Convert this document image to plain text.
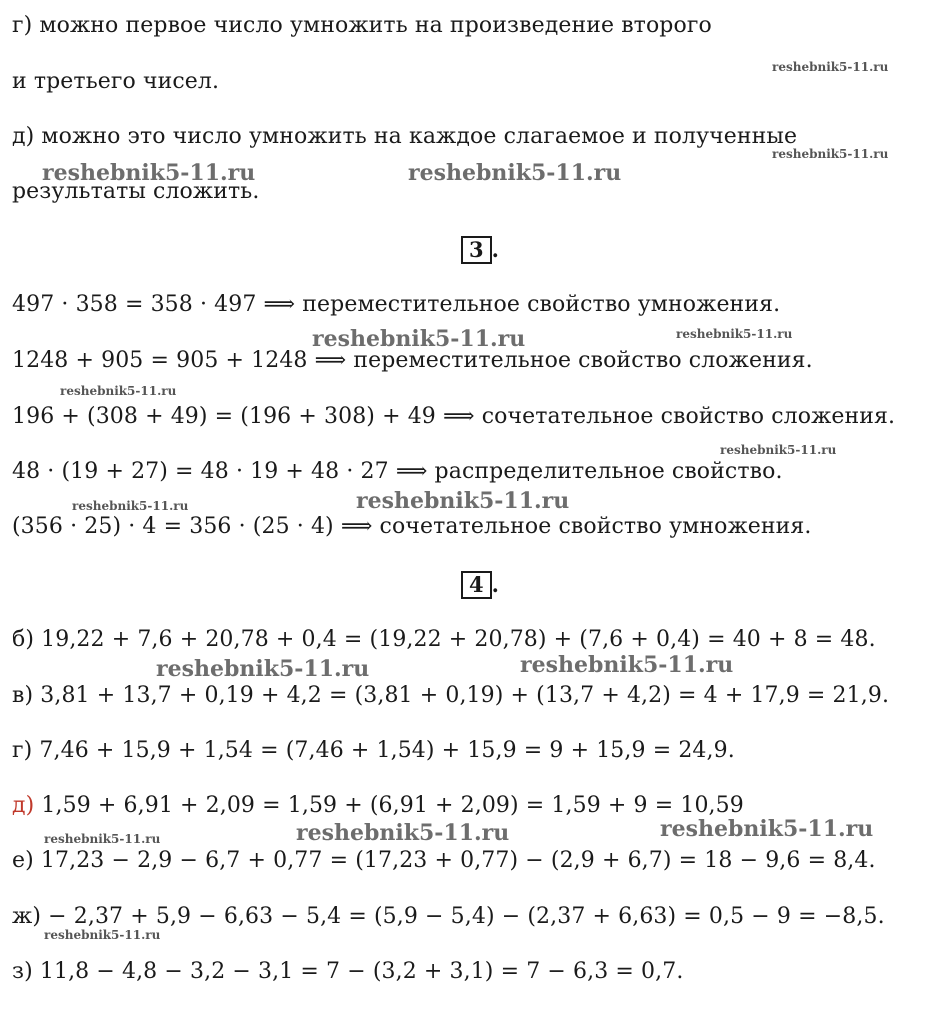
г) можно первое число умножить на произведение второго
и третьего чисел.
д) можно это число умножить на каждое слагаемое и полученные
результаты сложить.
3 .
497 · 358 = 358 · 497 ⟹ переместительное свойство умножения.
1248 + 905 = 905 + 1248 ⟹ переместительное свойство сложения.
196 + (308 + 49) = (196 + 308) + 49 ⟹ сочетательное свойство сложения.
48 · (19 + 27) = 48 · 19 + 48 · 27 ⟹ распределительное свойство.
(356 · 25) · 4 = 356 · (25 · 4) ⟹ сочетательное свойство умножения.
4 .
б) 19,22 + 7,6 + 20,78 + 0,4 = (19,22 + 20,78) + (7,6 + 0,4) = 40 + 8 = 48.
в) 3,81 + 13,7 + 0,19 + 4,2 = (3,81 + 0,19) + (13,7 + 4,2) = 4 + 17,9 = 21,9.
г) 7,46 + 15,9 + 1,54 = (7,46 + 1,54) + 15,9 = 9 + 15,9 = 24,9.
д) 1,59 + 6,91 + 2,09 = 1,59 + (6,91 + 2,09) = 1,59 + 9 = 10,59
е) 17,23 − 2,9 − 6,7 + 0,77 = (17,23 + 0,77) − (2,9 + 6,7) = 18 − 9,6 = 8,4.
ж) − 2,37 + 5,9 − 6,63 − 5,4 = (5,9 − 5,4) − (2,37 + 6,63) = 0,5 − 9 = −8,5.
з) 11,8 − 4,8 − 3,2 − 3,1 = 7 − (3,2 + 3,1) = 7 − 6,3 = 0,7.
reshebnik5-11.ru
reshebnik5-11.ru
reshebnik5-11.ru	reshebnik5-11.ru
reshebnik5-11.ru	reshebnik5-11.ru
reshebnik5-11.ru
reshebnik5-11.ru
reshebnik5-11.ru	reshebnik5-11.ru
reshebnik5-11.ru	reshebnik5-11.ru
reshebnik5-11.ru	reshebnik5-11.ru	reshebnik5-11.ru
reshebnik5-11.ru
